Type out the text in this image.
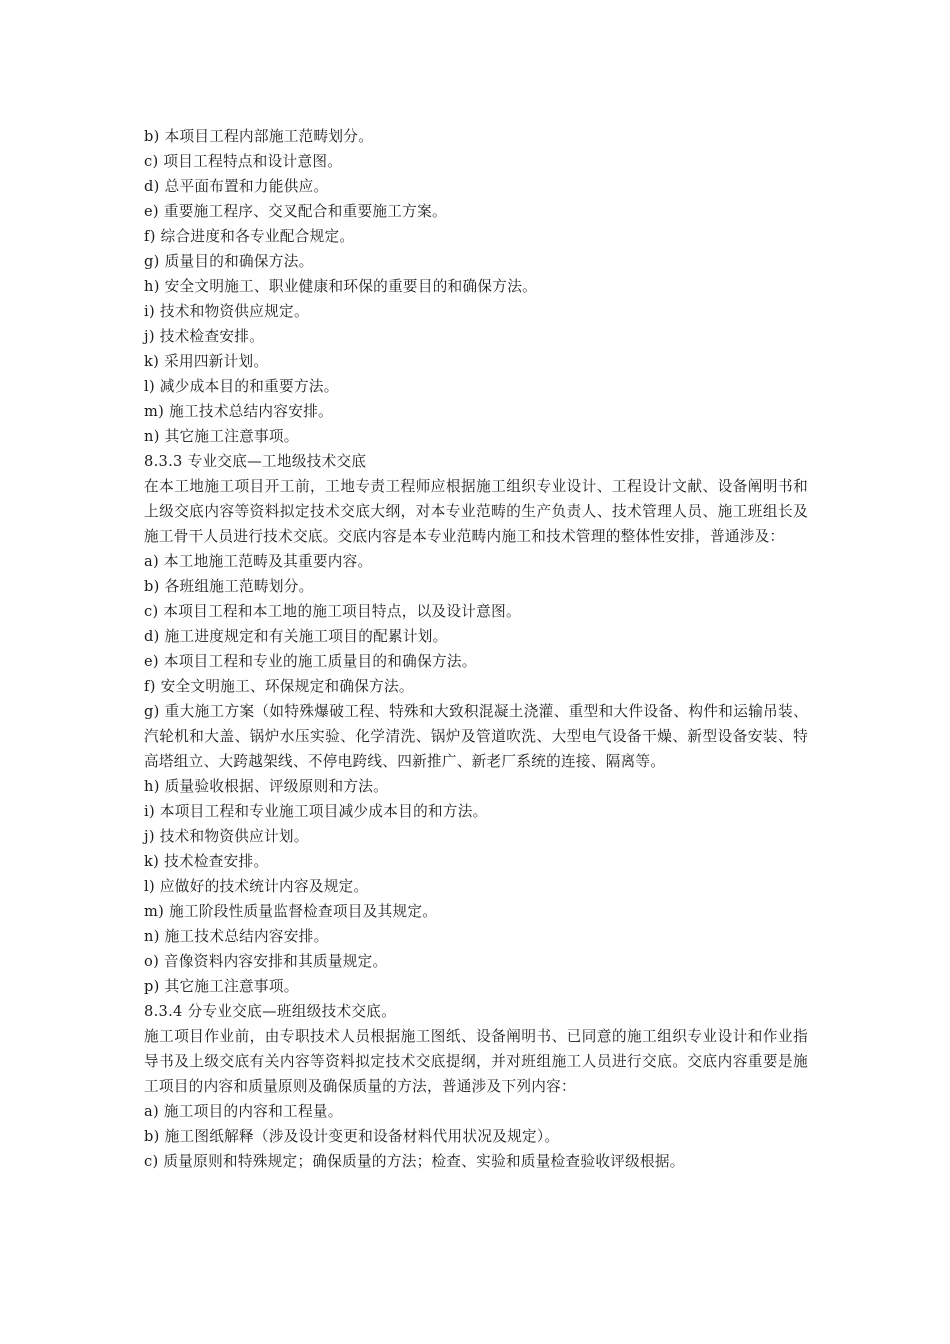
b) 本项目工程内部施工范畴划分。

c) 项目工程特点和设计意图。

d) 总平面布置和力能供应。

e) 重要施工程序、交叉配合和重要施工方案。

f) 综合进度和各专业配合规定。

g) 质量目的和确保方法。

h) 安全文明施工、职业健康和环保的重要目的和确保方法。

i) 技术和物资供应规定。

j) 技术检查安排。

k) 采用四新计划。

l) 减少成本目的和重要方法。

m) 施工技术总结内容安排。

n) 其它施工注意事项。

8.3.3 专业交底—工地级技术交底

在本工地施工项目开工前，工地专责工程师应根据施工组织专业设计、工程设计文献、设备阐明书和上级交底内容等资料拟定技术交底大纲，对本专业范畴的生产负责人、技术管理人员、施工班组长及施工骨干人员进行技术交底。交底内容是本专业范畴内施工和技术管理的整体性安排，普通涉及：

a) 本工地施工范畴及其重要内容。

b) 各班组施工范畴划分。

c) 本项目工程和本工地的施工项目特点，以及设计意图。

d) 施工进度规定和有关施工项目的配累计划。

e) 本项目工程和专业的施工质量目的和确保方法。

f) 安全文明施工、环保规定和确保方法。

g) 重大施工方案（如特殊爆破工程、特殊和大致积混凝土浇灌、重型和大件设备、构件和运输吊装、汽轮机和大盖、锅炉水压实验、化学清洗、锅炉及管道吹洗、大型电气设备干燥、新型设备安装、特高塔组立、大跨越架线、不停电跨线、四新推广、新老厂系统的连接、隔离等。

h) 质量验收根据、评级原则和方法。

i) 本项目工程和专业施工项目减少成本目的和方法。

j) 技术和物资供应计划。

k) 技术检查安排。

l) 应做好的技术统计内容及规定。

m) 施工阶段性质量监督检查项目及其规定。

n) 施工技术总结内容安排。

o) 音像资料内容安排和其质量规定。

p) 其它施工注意事项。

8.3.4 分专业交底—班组级技术交底。

施工项目作业前，由专职技术人员根据施工图纸、设备阐明书、已同意的施工组织专业设计和作业指导书及上级交底有关内容等资料拟定技术交底提纲，并对班组施工人员进行交底。交底内容重要是施工项目的内容和质量原则及确保质量的方法，普通涉及下列内容：

a) 施工项目的内容和工程量。

b) 施工图纸解释（涉及设计变更和设备材料代用状况及规定）。

c) 质量原则和特殊规定；确保质量的方法；检查、实验和质量检查验收评级根据。
